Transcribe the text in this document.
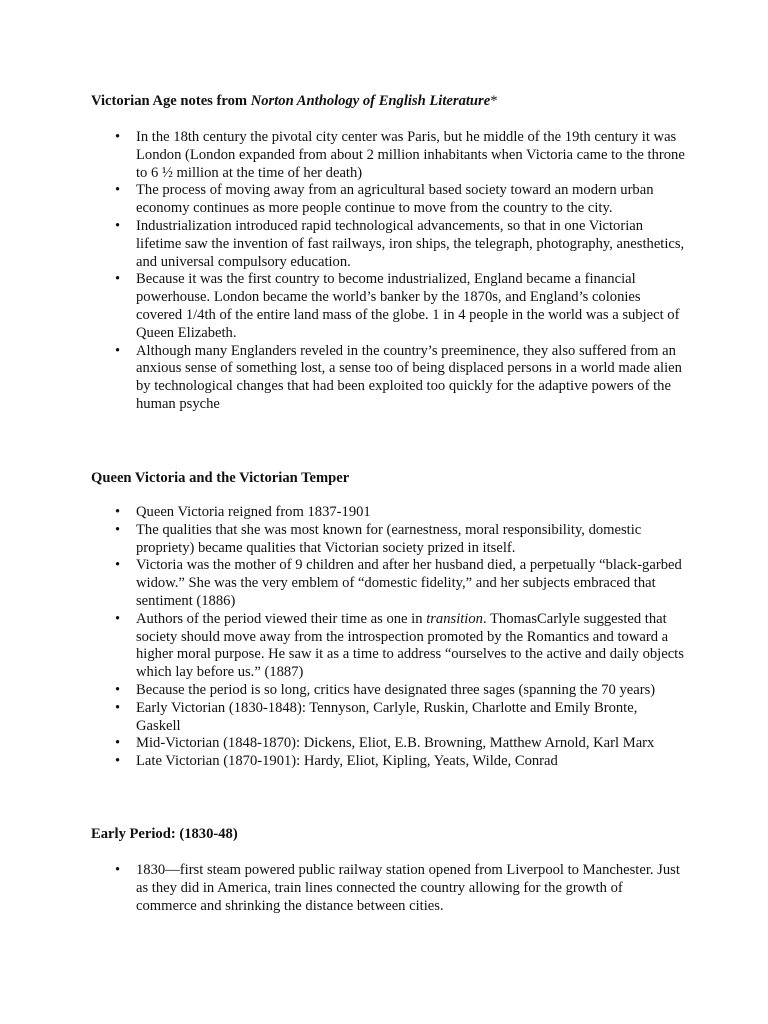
Victorian Age notes from Norton Anthology of English Literature*

• In the 18th century the pivotal city center was Paris, but he middle of the 19th century it was London (London expanded from about 2 million inhabitants when Victoria came to the throne to 6 ½ million at the time of her death)
• The process of moving away from an agricultural based society toward an modern urban economy continues as more people continue to move from the country to the city.
• Industrialization introduced rapid technological advancements, so that in one Victorian lifetime saw the invention of fast railways, iron ships, the telegraph, photography, anesthetics, and universal compulsory education.
• Because it was the first country to become industrialized, England became a financial powerhouse. London became the world’s banker by the 1870s, and England’s colonies covered 1/4th of the entire land mass of the globe. 1 in 4 people in the world was a subject of Queen Elizabeth.
• Although many Englanders reveled in the country’s preeminence, they also suffered from an anxious sense of something lost, a sense too of being displaced persons in a world made alien by technological changes that had been exploited too quickly for the adaptive powers of the human psyche

Queen Victoria and the Victorian Temper

• Queen Victoria reigned from 1837-1901
• The qualities that she was most known for (earnestness, moral responsibility, domestic propriety) became qualities that Victorian society prized in itself.
• Victoria was the mother of 9 children and after her husband died, a perpetually “black-garbed widow.” She was the very emblem of “domestic fidelity,” and her subjects embraced that sentiment (1886)
• Authors of the period viewed their time as one in transition. ThomasCarlyle suggested that society should move away from the introspection promoted by the Romantics and toward a higher moral purpose. He saw it as a time to address “ourselves to the active and daily objects which lay before us.” (1887)
• Because the period is so long, critics have designated three sages (spanning the 70 years)
• Early Victorian (1830-1848): Tennyson, Carlyle, Ruskin, Charlotte and Emily Bronte, Gaskell
• Mid-Victorian (1848-1870): Dickens, Eliot, E.B. Browning, Matthew Arnold, Karl Marx
• Late Victorian (1870-1901): Hardy, Eliot, Kipling, Yeats, Wilde, Conrad

Early Period: (1830-48)

• 1830—first steam powered public railway station opened from Liverpool to Manchester. Just as they did in America, train lines connected the country allowing for the growth of commerce and shrinking the distance between cities.
